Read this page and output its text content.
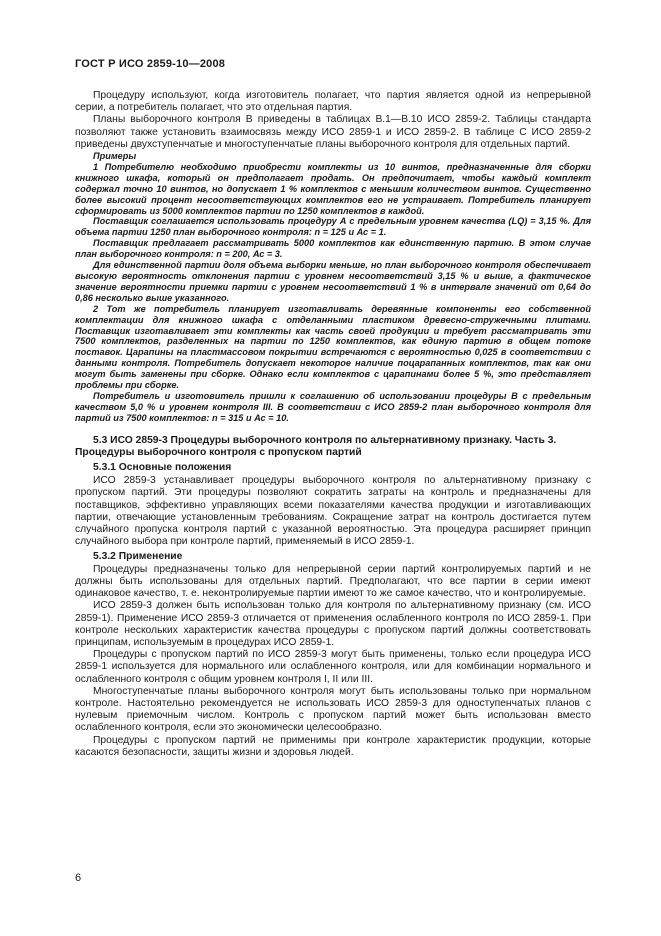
ГОСТ Р ИСО 2859-10—2008

Процедуру используют, когда изготовитель полагает, что партия является одной из непрерывной серии, а потребитель полагает, что это отдельная партия.

Планы выборочного контроля В приведены в таблицах В.1—В.10 ИСО 2859-2. Таблицы стандарта позволяют также установить взаимосвязь между ИСО 2859-1 и ИСО 2859-2. В таблице С ИСО 2859-2 приведены двухступенчатые и многоступенчатые планы выборочного контроля для отдельных партий.

Примеры

1 Потребителю необходимо приобрести комплекты из 10 винтов, предназначенные для сборки книжного шкафа, который он предполагает продать. Он предпочитает, чтобы каждый комплект содержал точно 10 винтов, но допускает 1 % комплектов с меньшим количеством винтов. Существенно более высокий процент несоответствующих комплектов его не устраивает. Потребитель планирует сформировать из 5000 комплектов партии по 1250 комплектов в каждой.

Поставщик соглашается использовать процедуру А с предельным уровнем качества (LQ) = 3,15 %. Для объема партии 1250 план выборочного контроля: n = 125 и Ас = 1.

Поставщик предлагает рассматривать 5000 комплектов как единственную партию. В этом случае план выборочного контроля: n = 200, Ас = 3.

Для единственной партии доля объема выборки меньше, но план выборочного контроля обеспечивает высокую вероятность отклонения партии с уровнем несоответствий 3,15 % и выше, а фактическое значение вероятности приемки партии с уровнем несоответствий 1 % в интервале значений от 0,64 до 0,86 несколько выше указанного.

2 Тот же потребитель планирует изготавливать деревянные компоненты его собственной комплектации для книжного шкафа с отделанными пластиком древесно-стружечными плитами. Поставщик изготавливает эти комплекты как часть своей продукции и требует рассматривать эти 7500 комплектов, разделенных на партии по 1250 комплектов, как единую партию в общем потоке поставок. Царапины на пластмассовом покрытии встречаются с вероятностью 0,025 в соответствии с данными контроля. Потребитель допускает некоторое наличие поцарапанных комплектов, так как они могут быть заменены при сборке. Однако если комплектов с царапинами более 5 %, это представляет проблемы при сборке.

Потребитель и изготовитель пришли к соглашению об использовании процедуры В с предельным качеством 5,0 % и уровнем контроля III. В соответствии с ИСО 2859-2 план выборочного контроля для партий из 7500 комплектов: n = 315 и Ас = 10.

5.3 ИСО 2859-3 Процедуры выборочного контроля по альтернативному признаку. Часть 3. Процедуры выборочного контроля с пропуском партий

5.3.1 Основные положения

ИСО 2859-3 устанавливает процедуры выборочного контроля по альтернативному признаку с пропуском партий. Эти процедуры позволяют сократить затраты на контроль и предназначены для поставщиков, эффективно управляющих всеми показателями качества продукции и изготавливающих партии, отвечающие установленным требованиям. Сокращение затрат на контроль достигается путем случайного пропуска контроля партий с указанной вероятностью. Эта процедура расширяет принцип случайного выбора при контроле партий, применяемый в ИСО 2859-1.

5.3.2 Применение

Процедуры предназначены только для непрерывной серии партий контролируемых партий и не должны быть использованы для отдельных партий. Предполагают, что все партии в серии имеют одинаковое качество, т. е. неконтролируемые партии имеют то же самое качество, что и контролируемые.

ИСО 2859-3 должен быть использован только для контроля по альтернативному признаку (см. ИСО 2859-1). Применение ИСО 2859-3 отличается от применения ослабленного контроля по ИСО 2859-1. При контроле нескольких характеристик качества процедуры с пропуском партий должны соответствовать принципам, используемым в процедурах ИСО 2859-1.

Процедуры с пропуском партий по ИСО 2859-3 могут быть применены, только если процедура ИСО 2859-1 используется для нормального или ослабленного контроля, или для комбинации нормального и ослабленного контроля с общим уровнем контроля I, II или III.

Многоступенчатые планы выборочного контроля могут быть использованы только при нормальном контроле. Настоятельно рекомендуется не использовать ИСО 2859-3 для одноступенчатых планов с нулевым приемочным числом. Контроль с пропуском партий может быть использован вместо ослабленного контроля, если это экономически целесообразно.

Процедуры с пропуском партий не применимы при контроле характеристик продукции, которые касаются безопасности, защиты жизни и здоровья людей.

6
